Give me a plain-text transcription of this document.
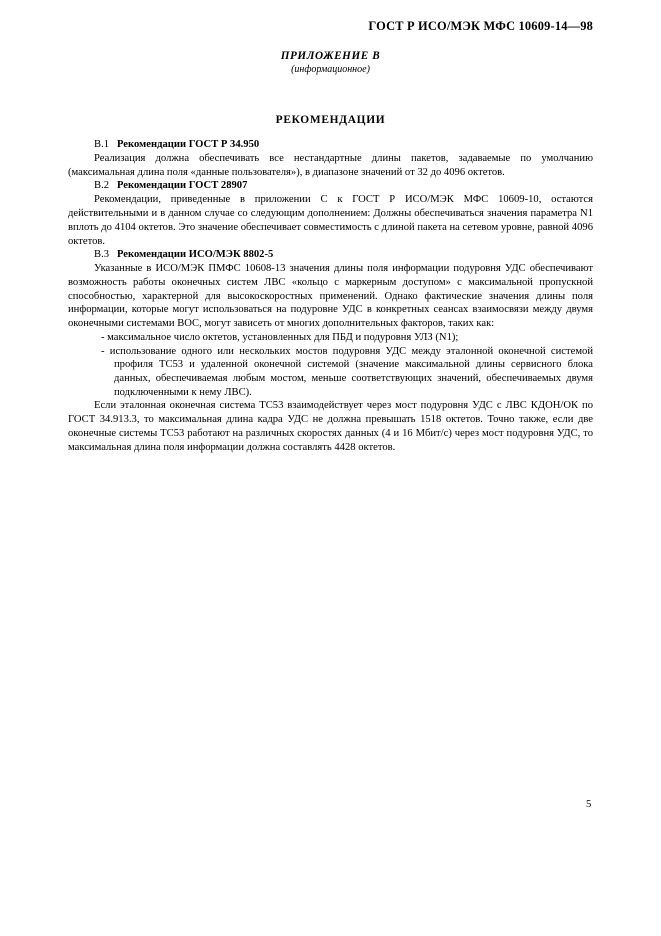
ГОСТ Р ИСО/МЭК МФС 10609-14—98
ПРИЛОЖЕНИЕ В
(информационное)
РЕКОМЕНДАЦИИ
В.1 Рекомендации ГОСТ Р 34.950

Реализация должна обеспечивать все нестандартные длины пакетов, задаваемые по умолчанию (максимальная длина поля «данные пользователя»), в диапазоне значений от 32 до 4096 октетов.

В.2 Рекомендации ГОСТ 28907

Рекомендации, приведенные в приложении С к ГОСТ Р ИСО/МЭК МФС 10609-10, остаются действительными и в данном случае со следующим дополнением: Должны обеспечиваться значения параметра N1 вплоть до 4104 октетов. Это значение обеспечивает совместимость с длиной пакета на сетевом уровне, равной 4096 октетов.

В.3 Рекомендации ИСО/МЭК 8802-5

Указанные в ИСО/МЭК ПМФС 10608-13 значения длины поля информации подуровня УДС обеспечивают возможность работы оконечных систем ЛВС «кольцо с маркерным доступом» с максимальной пропускной способностью, характерной для высокоскоростных применений. Однако фактические значения длины поля информации, которые могут использоваться на подуровне УДС в конкретных сеансах взаимосвязи между двумя оконечными системами ВОС, могут зависеть от многих дополнительных факторов, таких как:

- максимальное число октетов, установленных для ПБД и подуровня УЛЗ (N1);
- использование одного или нескольких мостов подуровня УДС между эталонной оконечной системой профиля ТС53 и удаленной оконечной системой (значение максимальной длины сервисного блока данных, обеспечиваемая любым мостом, меньше соответствующих значений, обеспечиваемых двумя подключенными к нему ЛВС).

Если эталонная оконечная система ТС53 взаимодействует через мост подуровня УДС с ЛВС КДОН/ОК по ГОСТ 34.913.3, то максимальная длина кадра УДС не должна превышать 1518 октетов. Точно также, если две оконечные системы ТС53 работают на различных скоростях данных (4 и 16 Мбит/с) через мост подуровня УДС, то максимальная длина поля информации должна составлять 4428 октетов.

5
